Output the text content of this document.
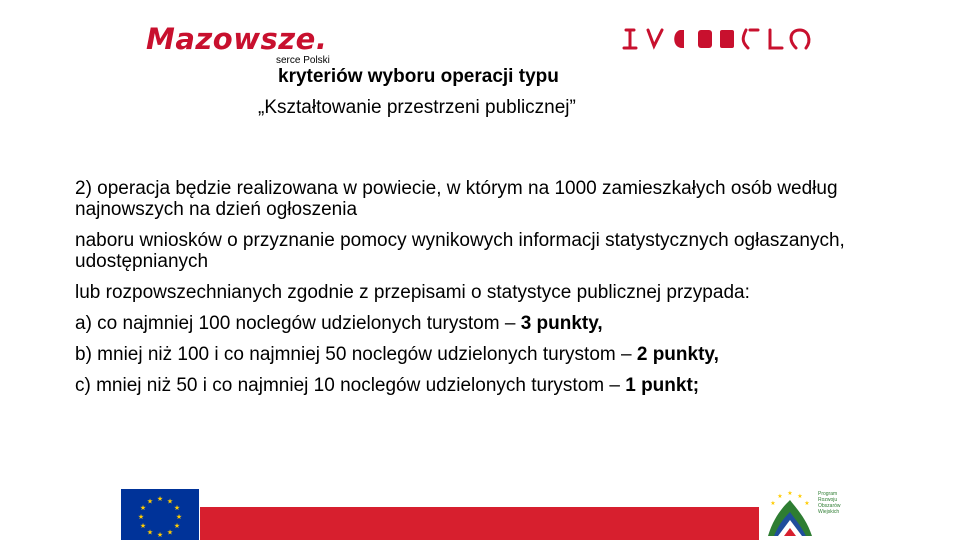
Mazowsze.
serce Polski
kryteriów wyboru operacji typu
„Kształtowanie przestrzeni publicznej”

2) operacja będzie realizowana w powiecie, w którym na 1000 zamieszkałych osób według najnowszych na dzień ogłoszenia

naboru wniosków o przyznanie pomocy wynikowych informacji statystycznych ogłaszanych, udostępnianych

lub rozpowszechnianych zgodnie z przepisami o statystyce publicznej przypada:

a) co najmniej 100 noclegów udzielonych turystom – 3 punkty,

b) mniej niż 100 i co najmniej 50 noclegów udzielonych turystom – 2 punkty,

c) mniej niż 50 i co najmniej 10 noclegów udzielonych turystom – 1 punkt;

★ ★
★
★
★
★
★
★
★
★
★
★
★
★ ★
★	★
Program Rozwoju Obszarów Wiejskich
